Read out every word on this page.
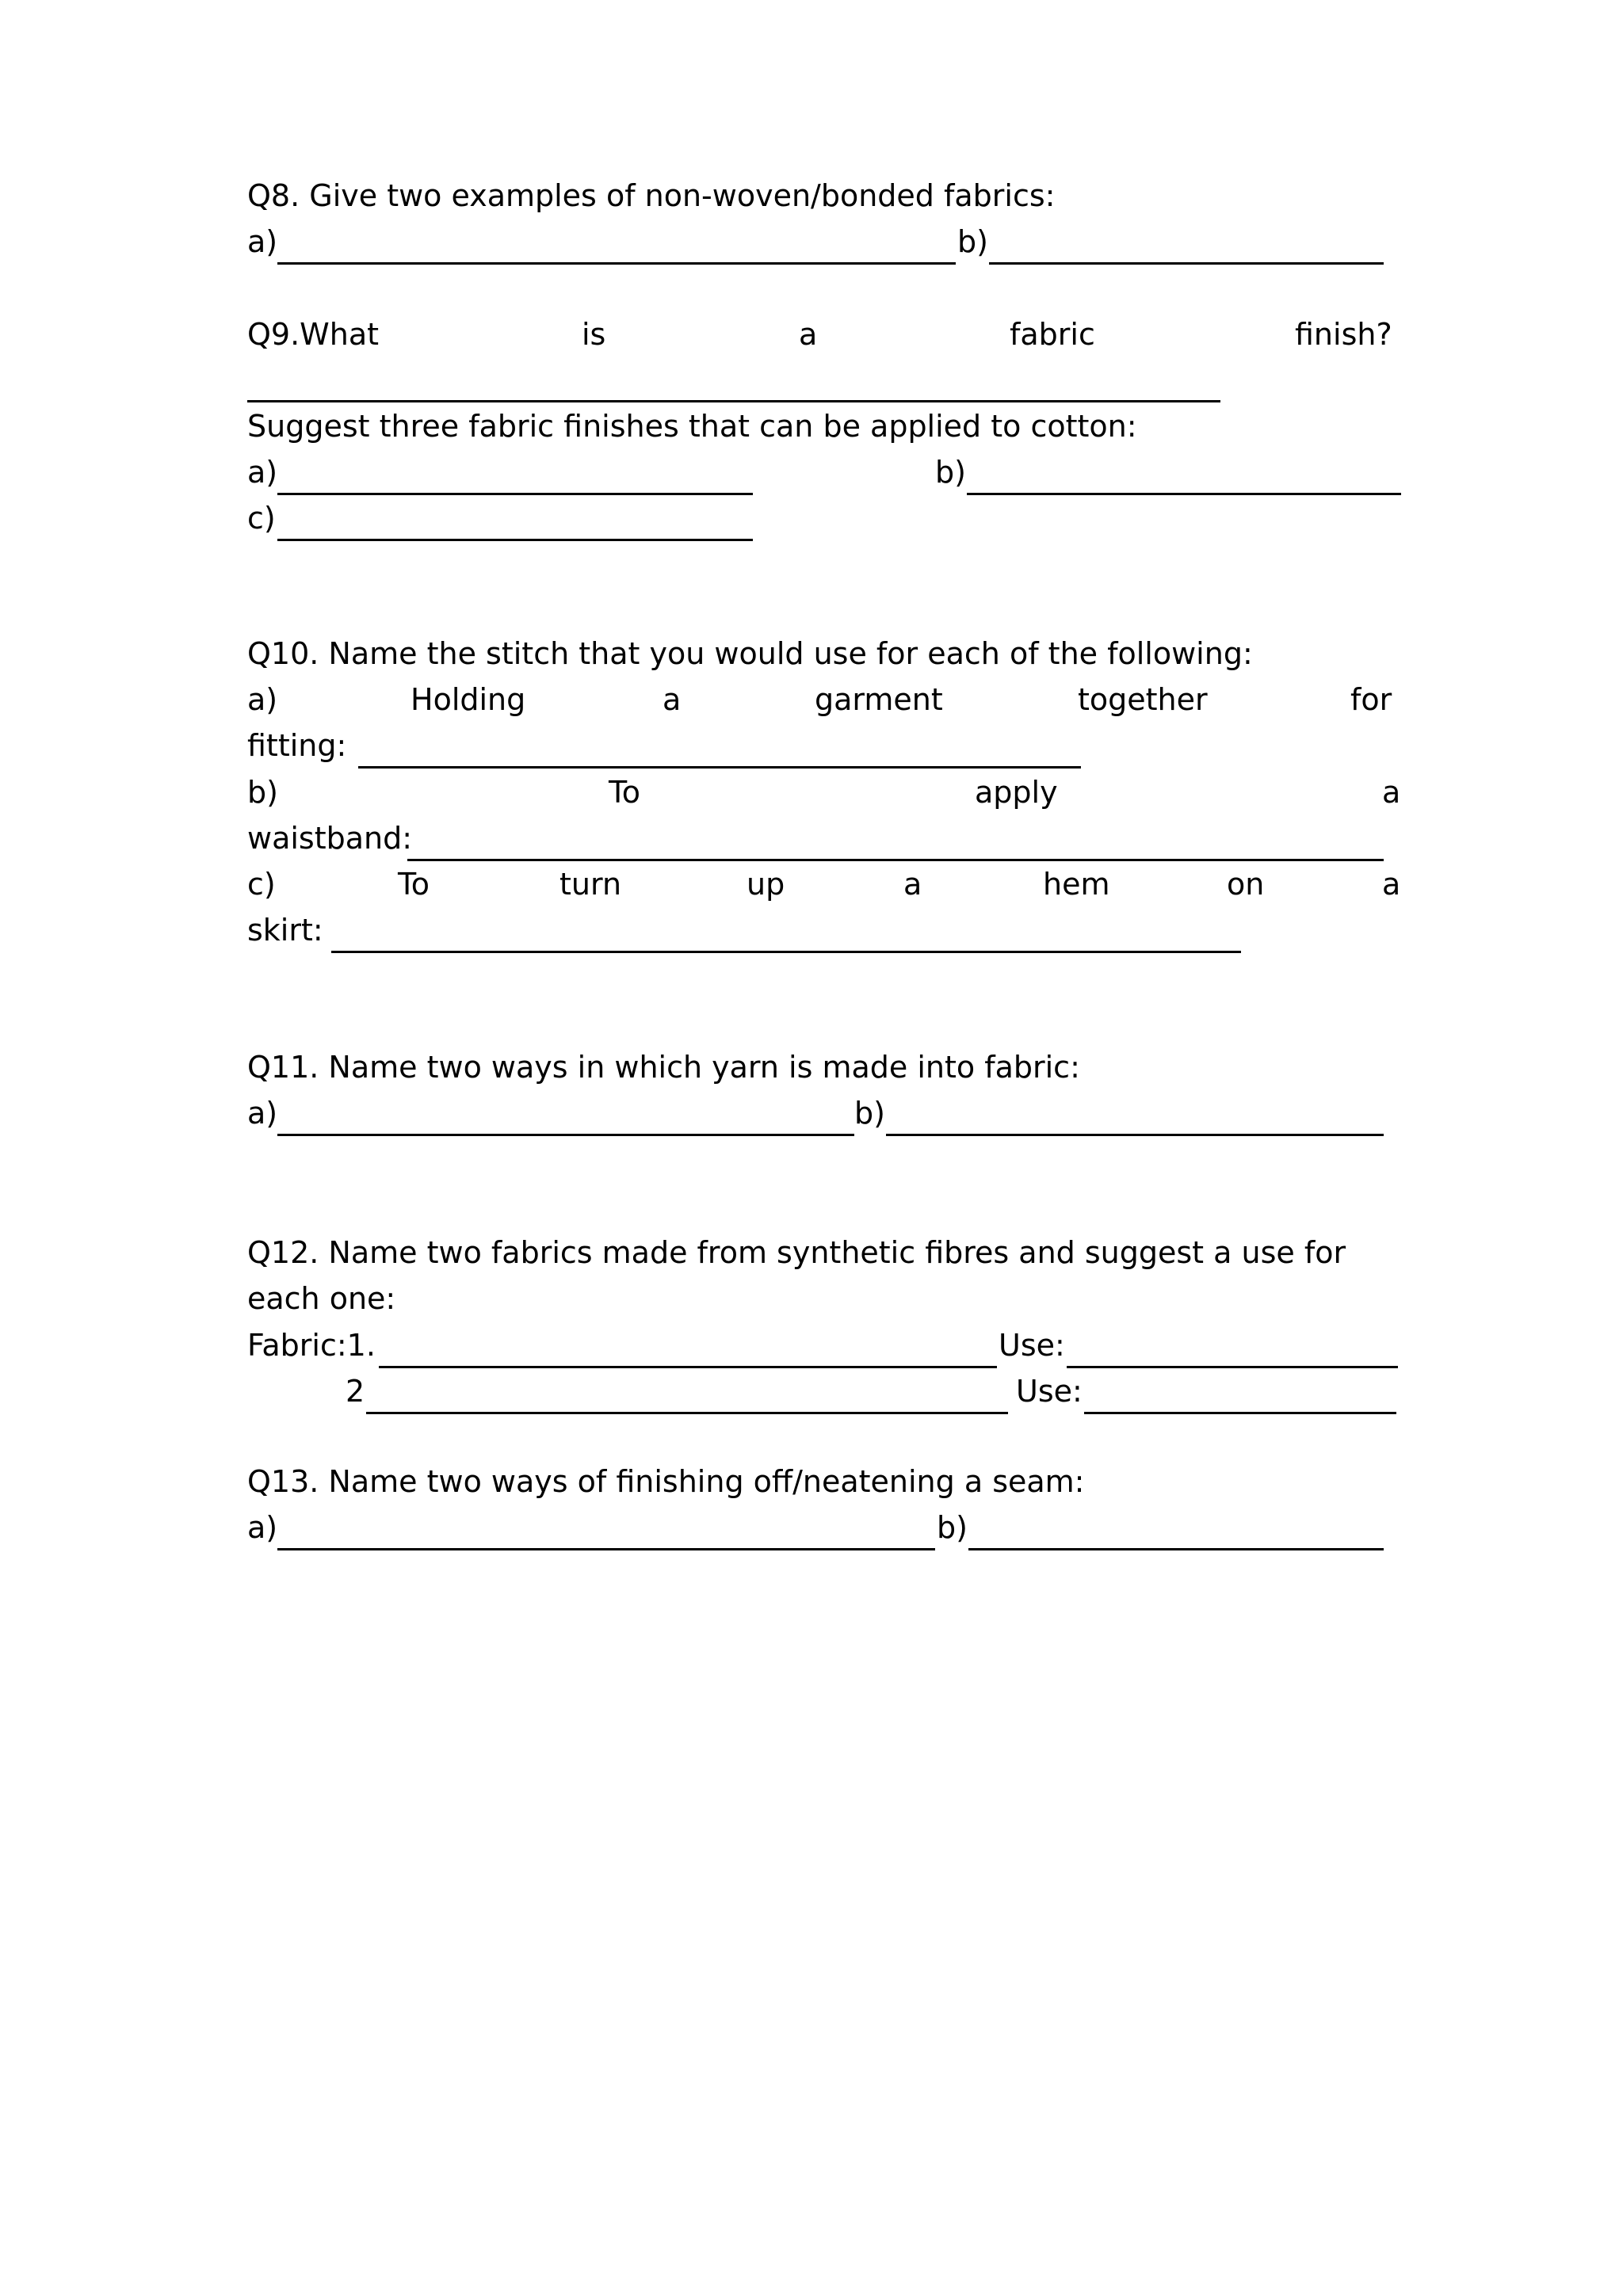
Q8. Give two examples of non-woven/bonded fabrics:
a)	b)
Q9.What	is	a	fabric	finish?
Suggest three fabric finishes that can be applied to cotton:
a)	b)
c)
Q10. Name the stitch that you would use for each of the following:
a)	Holding	a	garment	together	for
fitting:
b)	To	apply	a
waistband:
c)	To	turn	up	a	hem	on	a
skirt:
Q11. Name two ways in which yarn is made into fabric:
a)	b)
Q12. Name two fabrics made from synthetic fibres and suggest a use for
each one:
Fabric:1.	Use:
2	Use:
Q13. Name two ways of finishing off/neatening a seam:
a)	b)
